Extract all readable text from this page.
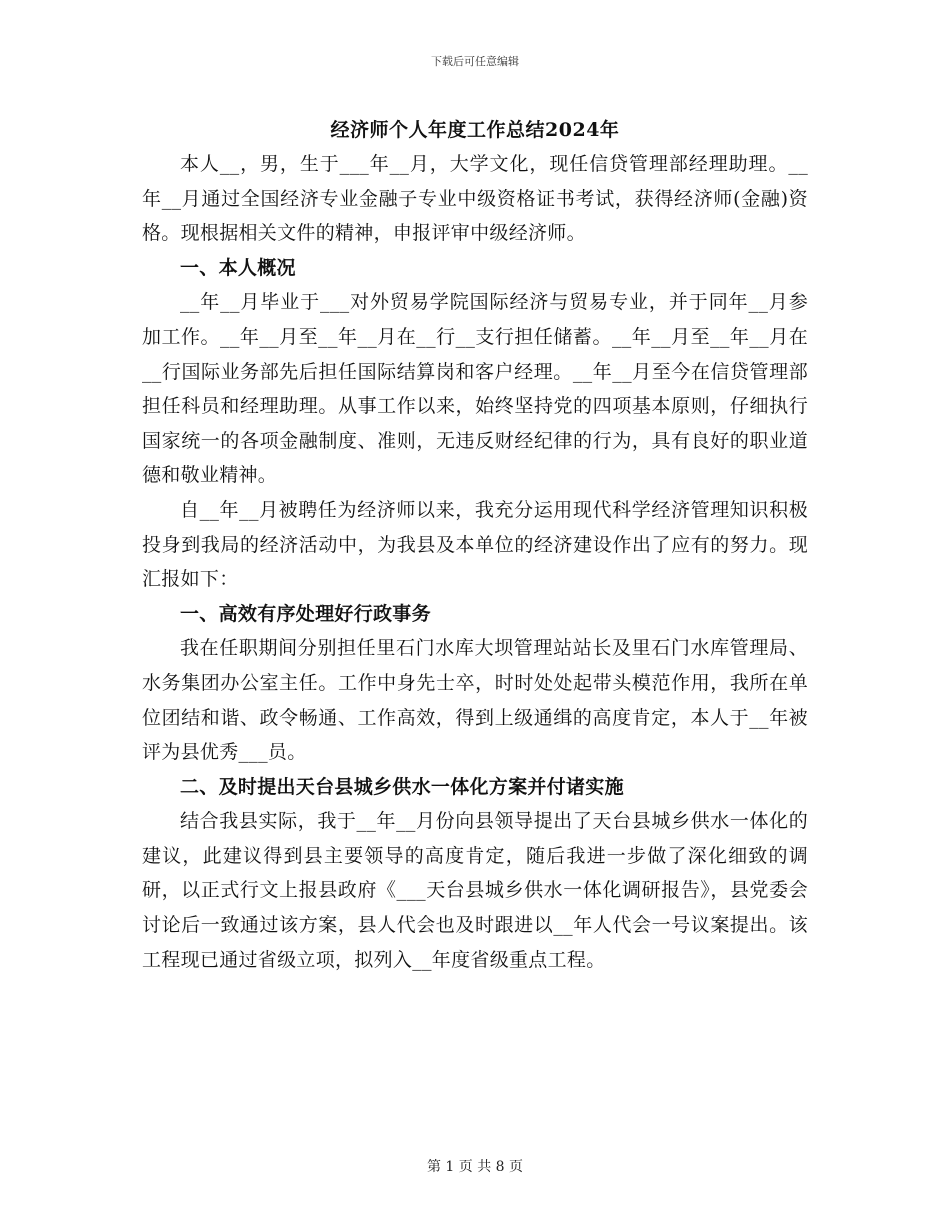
下载后可任意编辑
经济师个人年度工作总结2024年

本人__，男，生于___年__月，大学文化，现任信贷管理部经理助理。__年__月通过全国经济专业金融子专业中级资格证书考试，获得经济师(金融)资格。现根据相关文件的精神，申报评审中级经济师。

一、本人概况

__年__月毕业于___对外贸易学院国际经济与贸易专业，并于同年__月参加工作。__年__月至__年__月在__行__支行担任储蓄。__年__月至__年__月在__行国际业务部先后担任国际结算岗和客户经理。__年__月至今在信贷管理部担任科员和经理助理。从事工作以来，始终坚持党的四项基本原则，仔细执行国家统一的各项金融制度、准则，无违反财经纪律的行为，具有良好的职业道德和敬业精神。

自__年__月被聘任为经济师以来，我充分运用现代科学经济管理知识积极投身到我局的经济活动中，为我县及本单位的经济建设作出了应有的努力。现汇报如下：

一、高效有序处理好行政事务

我在任职期间分别担任里石门水库大坝管理站站长及里石门水库管理局、水务集团办公室主任。工作中身先士卒，时时处处起带头模范作用，我所在单位团结和谐、政令畅通、工作高效，得到上级通缉的高度肯定，本人于__年被评为县优秀___员。

二、及时提出天台县城乡供水一体化方案并付诸实施

结合我县实际，我于__年__月份向县领导提出了天台县城乡供水一体化的建议，此建议得到县主要领导的高度肯定，随后我进一步做了深化细致的调研，以正式行文上报县政府《___天台县城乡供水一体化调研报告》，县党委会讨论后一致通过该方案，县人代会也及时跟进以__年人代会一号议案提出。该工程现已通过省级立项，拟列入__年度省级重点工程。

第 1 页 共 8 页
